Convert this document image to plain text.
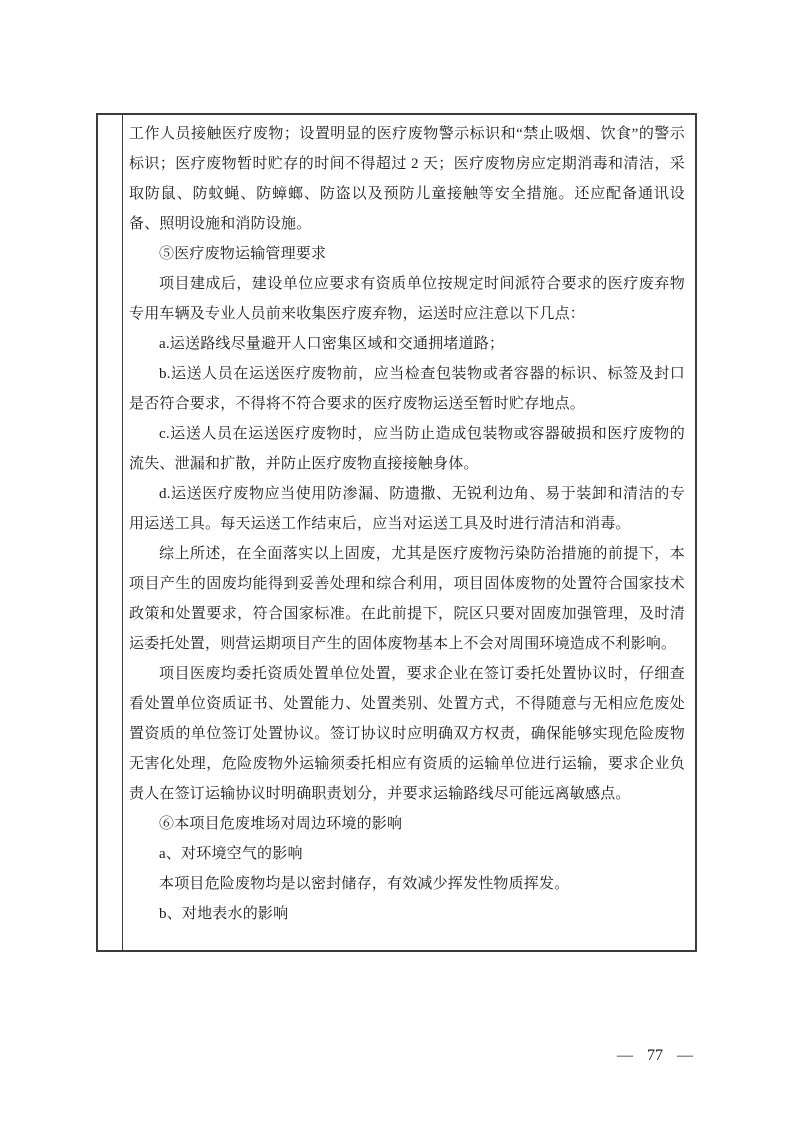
工作人员接触医疗废物；设置明显的医疗废物警示标识和“禁止吸烟、饮食”的警示标识；医疗废物暂时贮存的时间不得超过 2 天；医疗废物房应定期消毒和清洁，采取防鼠、防蚊蝇、防蟑螂、防盗以及预防儿童接触等安全措施。还应配备通讯设备、照明设施和消防设施。

⑤医疗废物运输管理要求

项目建成后，建设单位应要求有资质单位按规定时间派符合要求的医疗废弃物专用车辆及专业人员前来收集医疗废弃物，运送时应注意以下几点：

a.运送路线尽量避开人口密集区域和交通拥堵道路；

b.运送人员在运送医疗废物前，应当检查包装物或者容器的标识、标签及封口是否符合要求，不得将不符合要求的医疗废物运送至暂时贮存地点。

c.运送人员在运送医疗废物时，应当防止造成包装物或容器破损和医疗废物的流失、泄漏和扩散，并防止医疗废物直接接触身体。

d.运送医疗废物应当使用防渗漏、防遗撒、无锐利边角、易于装卸和清洁的专用运送工具。每天运送工作结束后，应当对运送工具及时进行清洁和消毒。

综上所述，在全面落实以上固废，尤其是医疗废物污染防治措施的前提下，本项目产生的固废均能得到妥善处理和综合利用，项目固体废物的处置符合国家技术政策和处置要求，符合国家标准。在此前提下，院区只要对固废加强管理，及时清运委托处置，则营运期项目产生的固体废物基本上不会对周围环境造成不利影响。

项目医废均委托资质处置单位处置，要求企业在签订委托处置协议时，仔细查看处置单位资质证书、处置能力、处置类别、处置方式，不得随意与无相应危废处置资质的单位签订处置协议。签订协议时应明确双方权责，确保能够实现危险废物无害化处理，危险废物外运输须委托相应有资质的运输单位进行运输，要求企业负责人在签订运输协议时明确职责划分，并要求运输路线尽可能远离敏感点。

⑥本项目危废堆场对周边环境的影响

a、对环境空气的影响

本项目危险废物均是以密封储存，有效减少挥发性物质挥发。

b、对地表水的影响

— 77 —
